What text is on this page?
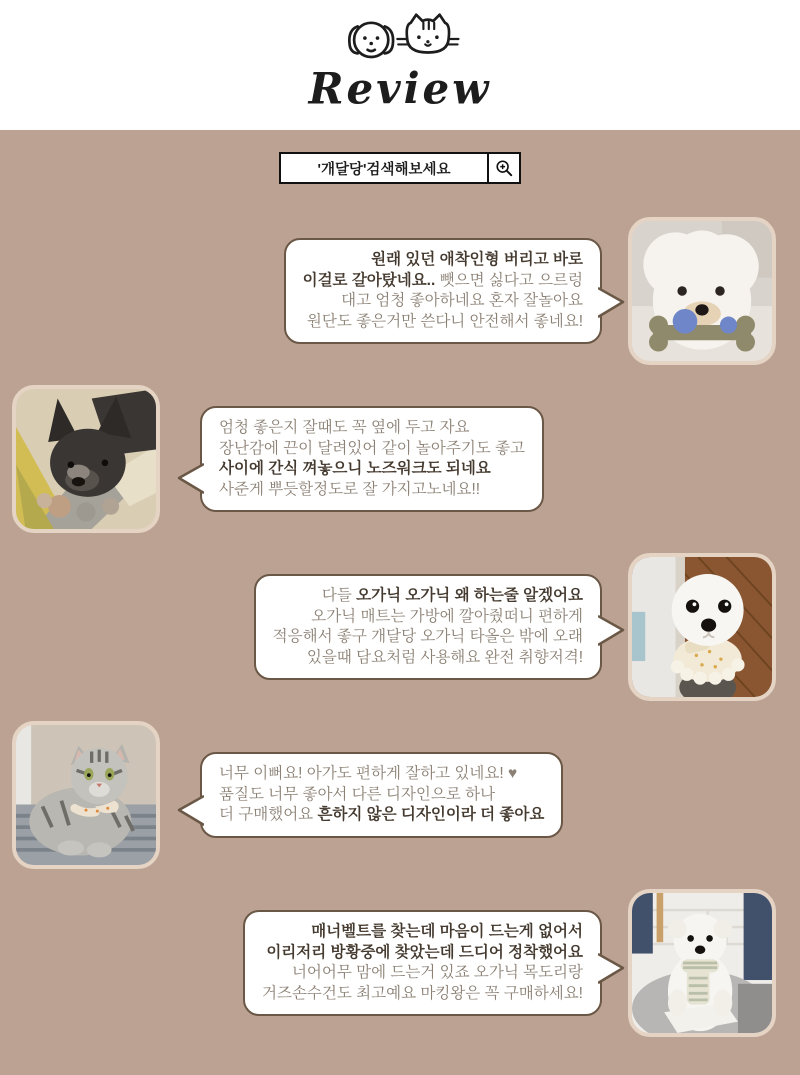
Review
'개달당'검색해보세요

원래 있던 애착인형 버리고 바로
이걸로 갈아탔네요.. 뺏으면 싫다고 으르렁
대고 엄청 좋아하네요 혼자 잘놀아요
원단도 좋은거만 쓴다니 안전해서 좋네요!

엄청 좋은지 잘때도 꼭 옆에 두고 자요
장난감에 끈이 달려있어 같이 놀아주기도 좋고
사이에 간식 껴놓으니 노즈워크도 되네요
사준게 뿌듯할정도로 잘 가지고노네요!!

다들 오가닉 오가닉 왜 하는줄 알겠어요
오가닉 매트는 가방에 깔아줬떠니 편하게
적응해서 좋구 개달당 오가닉 타올은 밖에 오래
있을때 담요처럼 사용해요 완전 취향저격!

너무 이뻐요! 아가도 편하게 잘하고 있네요! ♥
품질도 너무 좋아서 다른 디자인으로 하나
더 구매했어요 흔하지 않은 디자인이라 더 좋아요

매너벨트를 찾는데 마음이 드는게 없어서
이리저리 방황중에 찾았는데 드디어 정착했어요
너어어무 맘에 드는거 있죠 오가닉 목도리랑
거즈손수건도 최고예요 마킹왕은 꼭 구매하세요!
